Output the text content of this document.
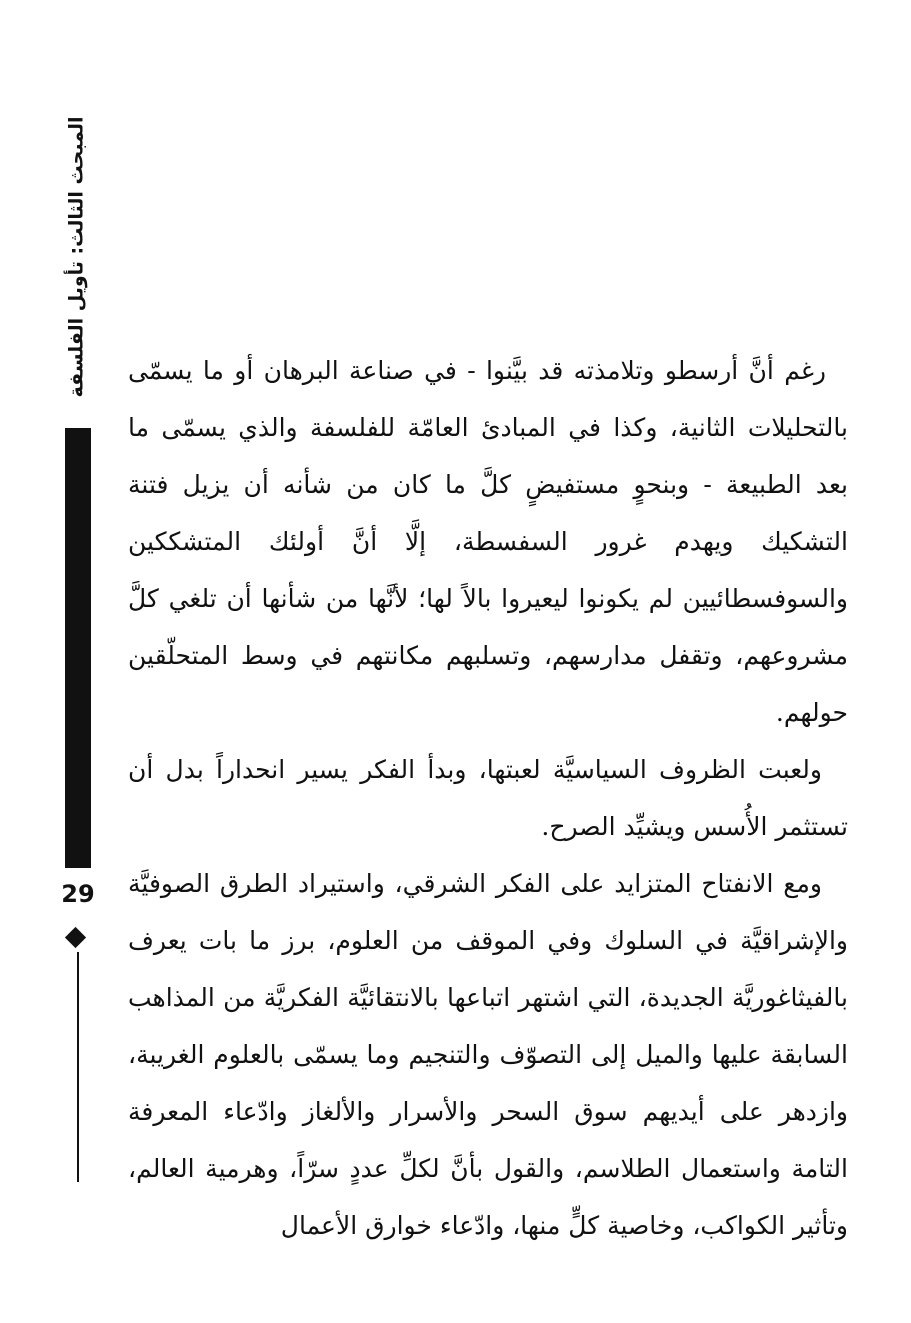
المبحث الثالث: تأويل الفلسفة
29

رغم أنَّ أرسطو وتلامذته قد بيَّنوا - في صناعة البرهان أو ما يسمّى بالتحليلات الثانية، وكذا في المبادئ العامّة للفلسفة والذي يسمّى ما بعد الطبيعة - وبنحوٍ مستفيضٍ كلَّ ما كان من شأنه أن يزيل فتنة التشكيك ويهدم غرور السفسطة، إلَّا أنَّ أولئك المتشككين والسوفسطائيين لم يكونوا ليعيروا بالاً لها؛ لأنَّها من شأنها أن تلغي كلَّ مشروعهم، وتقفل مدارسهم، وتسلبهم مكانتهم في وسط المتحلّقين حولهم.

ولعبت الظروف السياسيَّة لعبتها، وبدأ الفكر يسير انحداراً بدل أن تستثمر الأُسس ويشيِّد الصرح.

ومع الانفتاح المتزايد على الفكر الشرقي، واستيراد الطرق الصوفيَّة والإشراقيَّة في السلوك وفي الموقف من العلوم، برز ما بات يعرف بالفيثاغوريَّة الجديدة، التي اشتهر اتباعها بالانتقائيَّة الفكريَّة من المذاهب السابقة عليها والميل إلى التصوّف والتنجيم وما يسمّى بالعلوم الغريبة، وازدهر على أيديهم سوق السحر والأسرار والألغاز وادّعاء المعرفة التامة واستعمال الطلاسم، والقول بأنَّ لكلِّ عددٍ سرّاً، وهرمية العالم، وتأثير الكواكب، وخاصية كلٍّ منها، وادّعاء خوارق الأعمال
